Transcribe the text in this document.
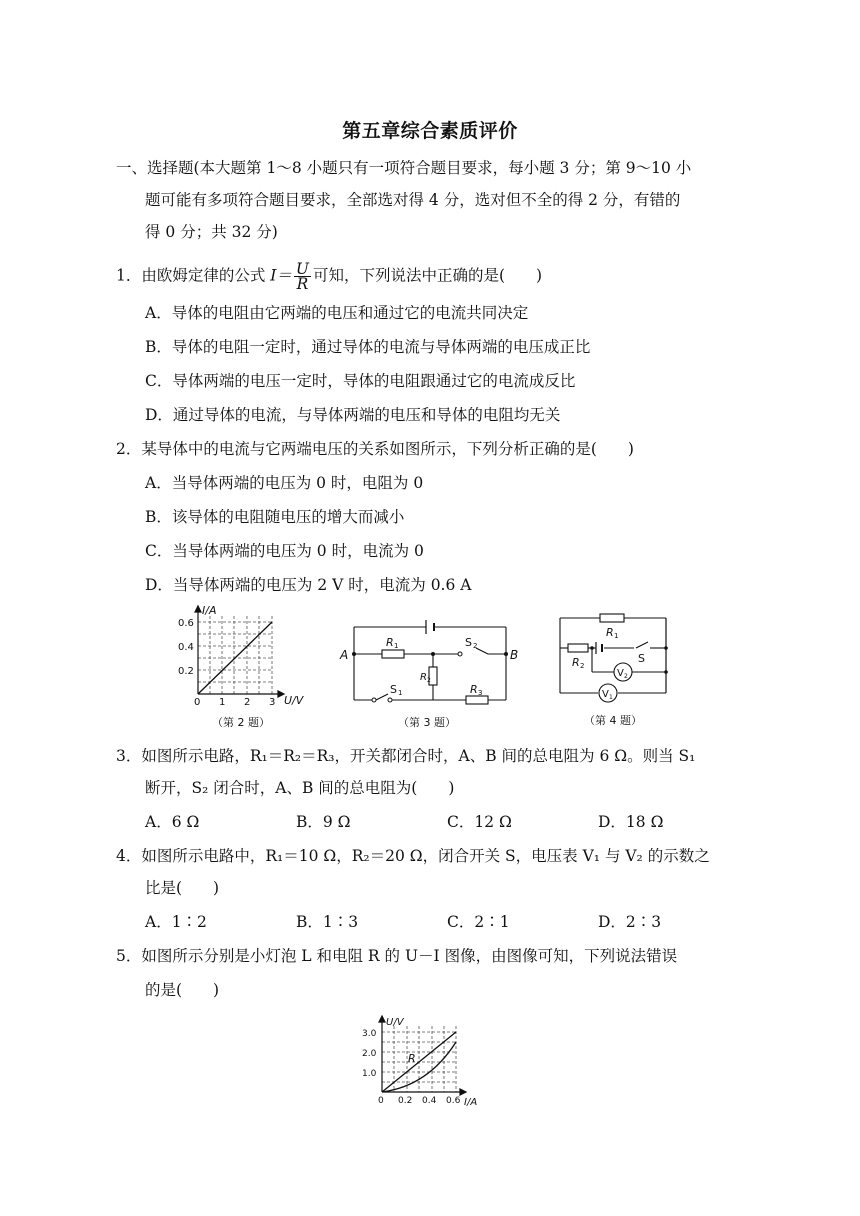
第五章综合素质评价
一、选择题(本大题第 1～8 小题只有一项符合题目要求，每小题 3 分；第 9～10 小
题可能有多项符合题目要求，全部选对得 4 分，选对但不全的得 2 分，有错的
得 0 分；共 32 分)
1．由欧姆定律的公式 $I= \frac{U}{R}$ 可知，下列说法中正确的是(　　)
A．导体的电阻由它两端的电压和通过它的电流共同决定
B．导体的电阻一定时，通过导体的电流与导体两端的电压成正比
C．导体两端的电压一定时，导体的电阻跟通过它的电流成反比
D．通过导体的电流，与导体两端的电压和导体的电阻均无关
2．某导体中的电流与它两端电压的关系如图所示，下列分析正确的是(　　)
A．当导体两端的电压为 0 时，电阻为 0
B．该导体的电阻随电压的增大而减小
C．当导体两端的电压为 0 时，电流为 0
D．当导体两端的电压为 2 V 时，电流为 0.6 A
I/A
U/V
0.6
0.4
0.2
0 1 2 3
（第 2 题）
A	B
R 1
R 2
R 3
S 2
S 1
（第 3 题）
R 1
R 2
S
V 2
V 1
（第 4 题）
3．如图所示电路，R₁＝R₂＝R₃，开关都闭合时，A、B 间的总电阻为 6 Ω。则当 S₁
断开，S₂ 闭合时，A、B 间的总电阻为(　　)
A．6 Ω	B．9 Ω	C．12 Ω	D．18 Ω
4．如图所示电路中，R₁＝10 Ω，R₂＝20 Ω，闭合开关 S，电压表 V₁ 与 V₂ 的示数之
比是(　　)
A．1∶2	B．1∶3	C．2∶1	D．2∶3
5．如图所示分别是小灯泡 L 和电阻 R 的 U－I 图像，由图像可知，下列说法错误
的是(　　)
R
U/V
I/A
3.0
2.0
1.0
0 0.2 0.4 0.6
